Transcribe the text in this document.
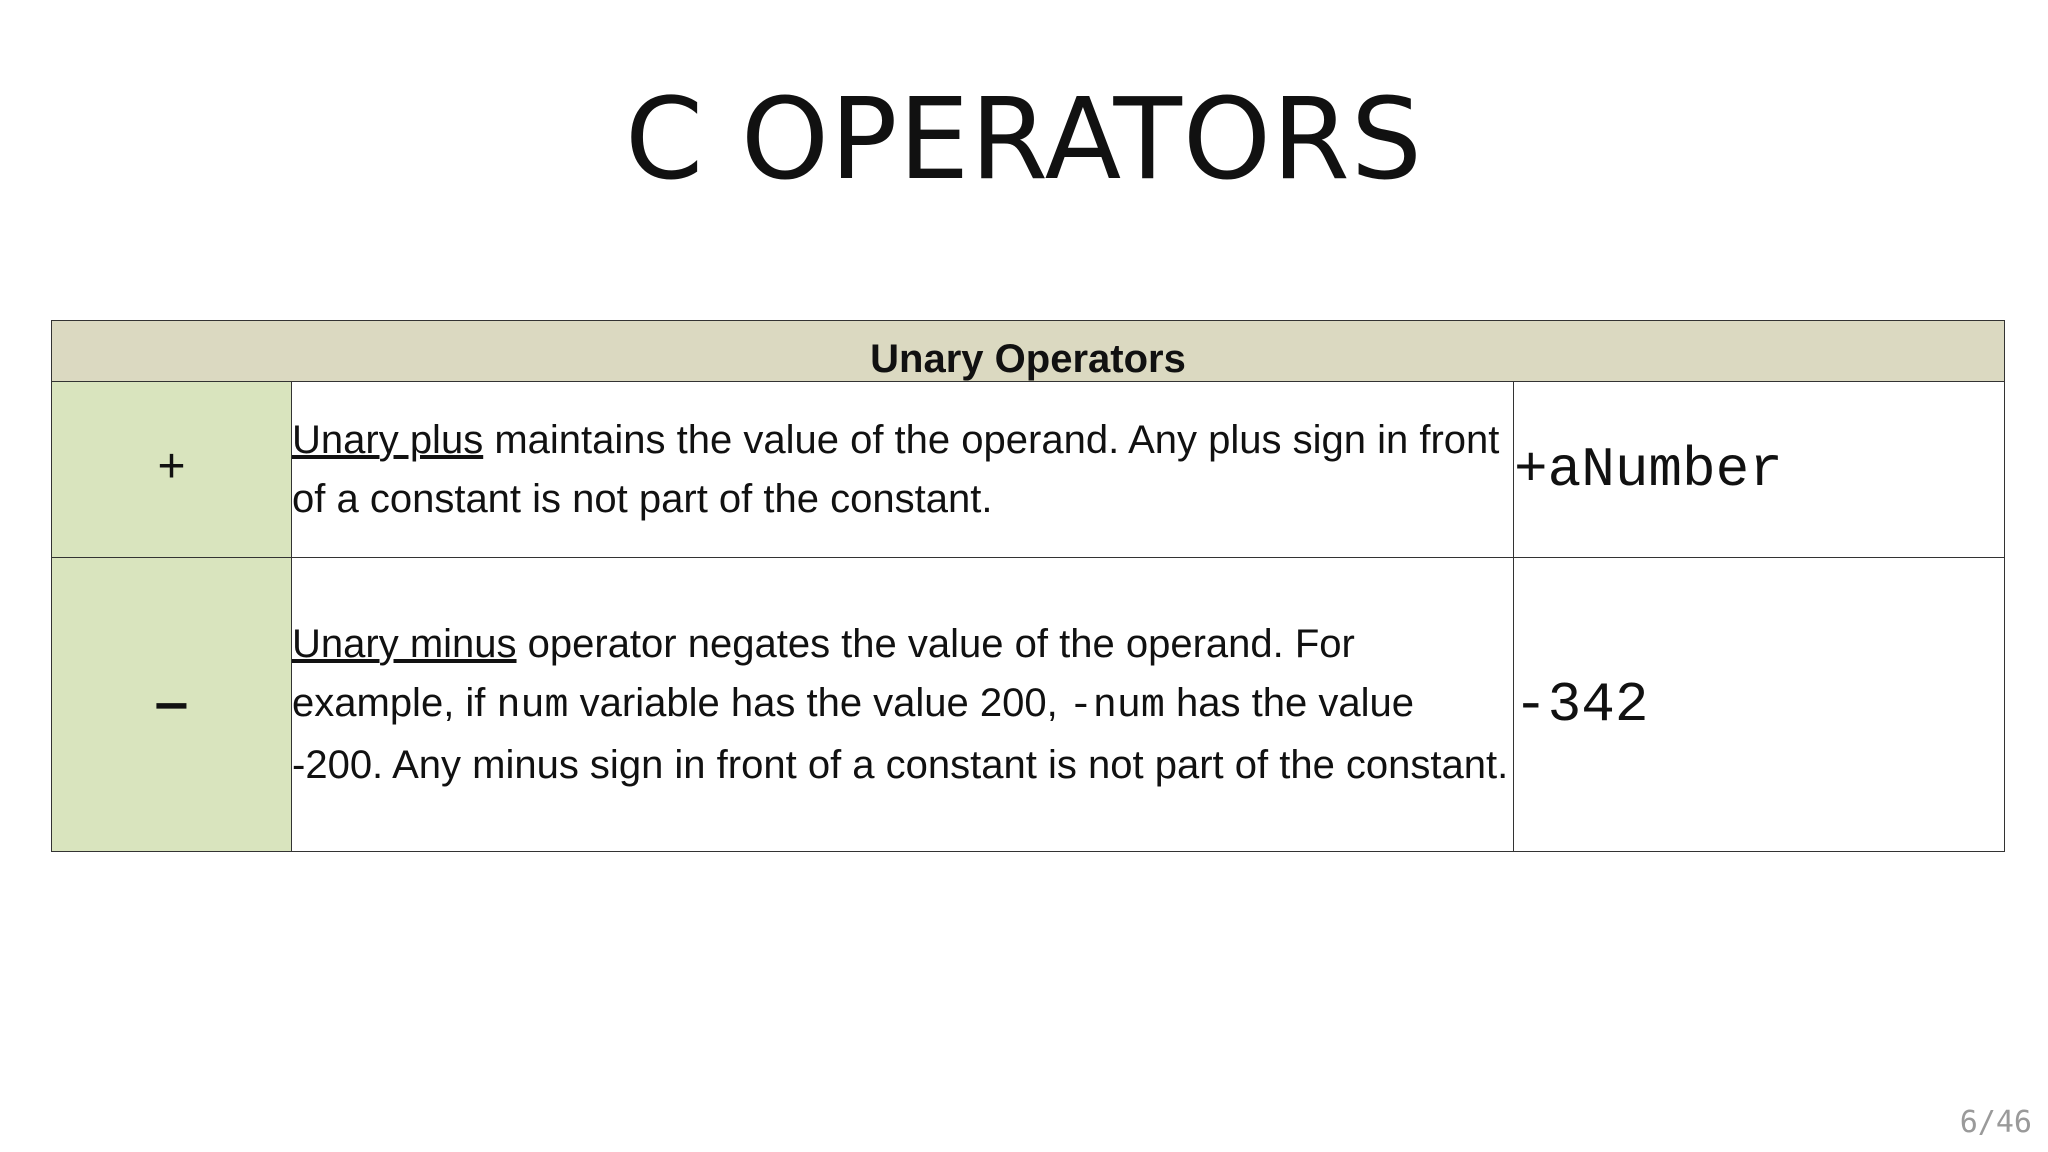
C OPERATORS
Unary Operators		
+	Unary plus maintains the value of the operand. Any plus sign in front of a constant is not part of the constant.	+aNumber
−	Unary minus operator negates the value of the operand. For example, if num variable has the value 200, -num has the value -200. Any minus sign in front of a constant is not part of the constant.	-342
6/46
